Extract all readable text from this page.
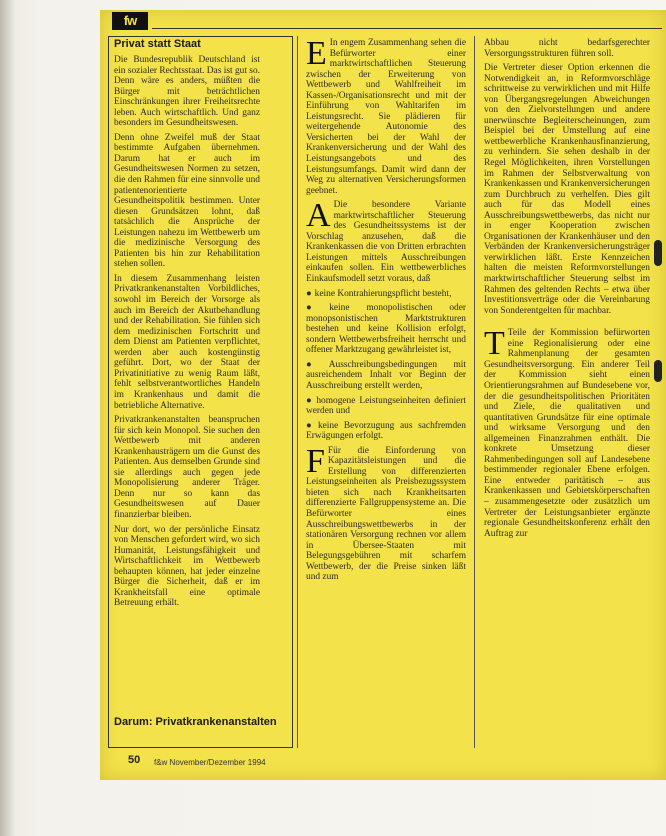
fw
Privat statt Staat

Die Bundesrepublik Deutschland ist ein sozialer Rechtsstaat. Das ist gut so. Denn wäre es anders, müßten die Bürger mit beträchtlichen Einschränkungen ihrer Freiheitsrechte leben. Auch wirtschaftlich. Und ganz besonders im Gesundheitswesen.

Denn ohne Zweifel muß der Staat bestimmte Aufgaben übernehmen. Darum hat er auch im Gesundheitswesen Normen zu setzen, die den Rahmen für eine sinnvolle und patientenorientierte Gesundheitspolitik bestimmen. Unter diesen Grundsätzen lohnt, daß tatsächlich die Ansprüche der Leistungen nahezu im Wettbewerb um die medizinische Versorgung des Patienten bis hin zur Rehabilitation stehen sollen.

In diesem Zusammenhang leisten Privatkrankenanstalten Vorbildliches, sowohl im Bereich der Vorsorge als auch im Bereich der Akutbehandlung und der Rehabilitation. Sie fühlen sich dem medizinischen Fortschritt und dem Dienst am Patienten verpflichtet, werden aber auch kostengünstig geführt. Dort, wo der Staat der Privatinitiative zu wenig Raum läßt, fehlt selbstverantwortliches Handeln im Krankenhaus und damit die betriebliche Alternative.

Privatkrankenanstalten beanspruchen für sich kein Monopol. Sie suchen den Wettbewerb mit anderen Krankenhausträgern um die Gunst des Patienten. Aus demselben Grunde sind sie allerdings auch gegen jede Monopolisierung anderer Träger. Denn nur so kann das Gesundheitswesen auf Dauer finanzierbar bleiben.

Nur dort, wo der persönliche Einsatz von Menschen gefordert wird, wo sich Humanität, Leistungsfähigkeit und Wirtschaftlichkeit im Wettbewerb behaupten können, hat jeder einzelne Bürger die Sicherheit, daß er im Krankheitsfall eine optimale Betreuung erhält.

Darum: Privatkrankenanstalten

E In engem Zusammenhang sehen die Befürworter einer marktwirtschaftlichen Steuerung zwischen der Erweiterung von Wettbewerb und Wahlfreiheit im Kassen-/Organisationsrecht und mit der Einführung von Wahltarifen im Leistungsrecht. Sie plädieren für weitergehende Autonomie des Versicherten bei der Wahl der Krankenversicherung und der Wahl des Leistungsangebots und des Leistungsumfangs. Damit wird dann der Weg zu alternativen Versicherungsformen geebnet.

A Die besondere Variante marktwirtschaftlicher Steuerung des Gesundheitssystems ist der Vorschlag anzusehen, daß die Krankenkassen die von Dritten erbrachten Leistungen mittels Ausschreibungen einkaufen sollen. Ein wettbewerbliches Einkaufsmodell setzt voraus, daß

● keine Kontrahierungspflicht besteht,

● keine monopolistischen oder monopsonistischen Marktstrukturen bestehen und keine Kollision erfolgt, sondern Wettbewerbsfreiheit herrscht und offener Marktzugang gewährleistet ist,

● Ausschreibungsbedingungen mit ausreichendem Inhalt vor Beginn der Ausschreibung erstellt werden,

● homogene Leistungseinheiten definiert werden und

● keine Bevorzugung aus sachfremden Erwägungen erfolgt.

F Für die Einforderung von Kapazitätsleistungen und die Erstellung von differenzierten Leistungseinheiten als Preisbezugssystem bieten sich nach Krankheitsarten differenzierte Fallgruppensysteme an. Die Befürworter eines Ausschreibungswettbewerbs in der stationären Versorgung rechnen vor allem in Übersee-Staaten mit Belegungsgebühren mit scharfem Wettbewerb, der die Preise sinken läßt und zum

Abbau nicht bedarfsgerechter Versorgungsstrukturen führen soll.

Die Vertreter dieser Option erkennen die Notwendigkeit an, in Reformvorschläge schrittweise zu verwirklichen und mit Hilfe von Übergangsregelungen Abweichungen von den Zielvorstellungen und andere unerwünschte Begleiterscheinungen, zum Beispiel bei der Umstellung auf eine wettbewerbliche Krankenhausfinanzierung, zu verhindern. Sie sehen deshalb in der Regel Möglichkeiten, ihren Vorstellungen im Rahmen der Selbstverwaltung von Krankenkassen und Krankenversicherungen zum Durchbruch zu verhelfen. Dies gilt auch für das Modell eines Ausschreibungswettbewerbs, das nicht nur in enger Kooperation zwischen Organisationen der Krankenhäuser und den Verbänden der Krankenversicherungsträger verwirklichen läßt. Erste Kennzeichen halten die meisten Reformvorstellungen marktwirtschaftlicher Steuerung selbst im Rahmen des geltenden Rechts – etwa über Investitionsverträge oder die Vereinbarung von Sonderentgelten für machbar.

T Teile der Kommission befürworten eine Regionalisierung oder eine Rahmenplanung der gesamten Gesundheitsversorgung. Ein anderer Teil der Kommission sieht einen Orientierungsrahmen auf Bundesebene vor, der die gesundheitspolitischen Prioritäten und Ziele, die qualitativen und quantitativen Grundsätze für eine optimale und wirksame Versorgung und den allgemeinen Finanzrahmen enthält. Die konkrete Umsetzung dieser Rahmenbedingungen soll auf Landesebene bestimmender regionaler Ebene erfolgen. Eine entweder paritätisch – aus Krankenkassen und Gebietskörperschaften – zusammengesetzte oder zusätzlich um Vertreter der Leistungsanbieter ergänzte regionale Gesundheitskonferenz erhält den Auftrag zur

50 f&w November/Dezember 1994
